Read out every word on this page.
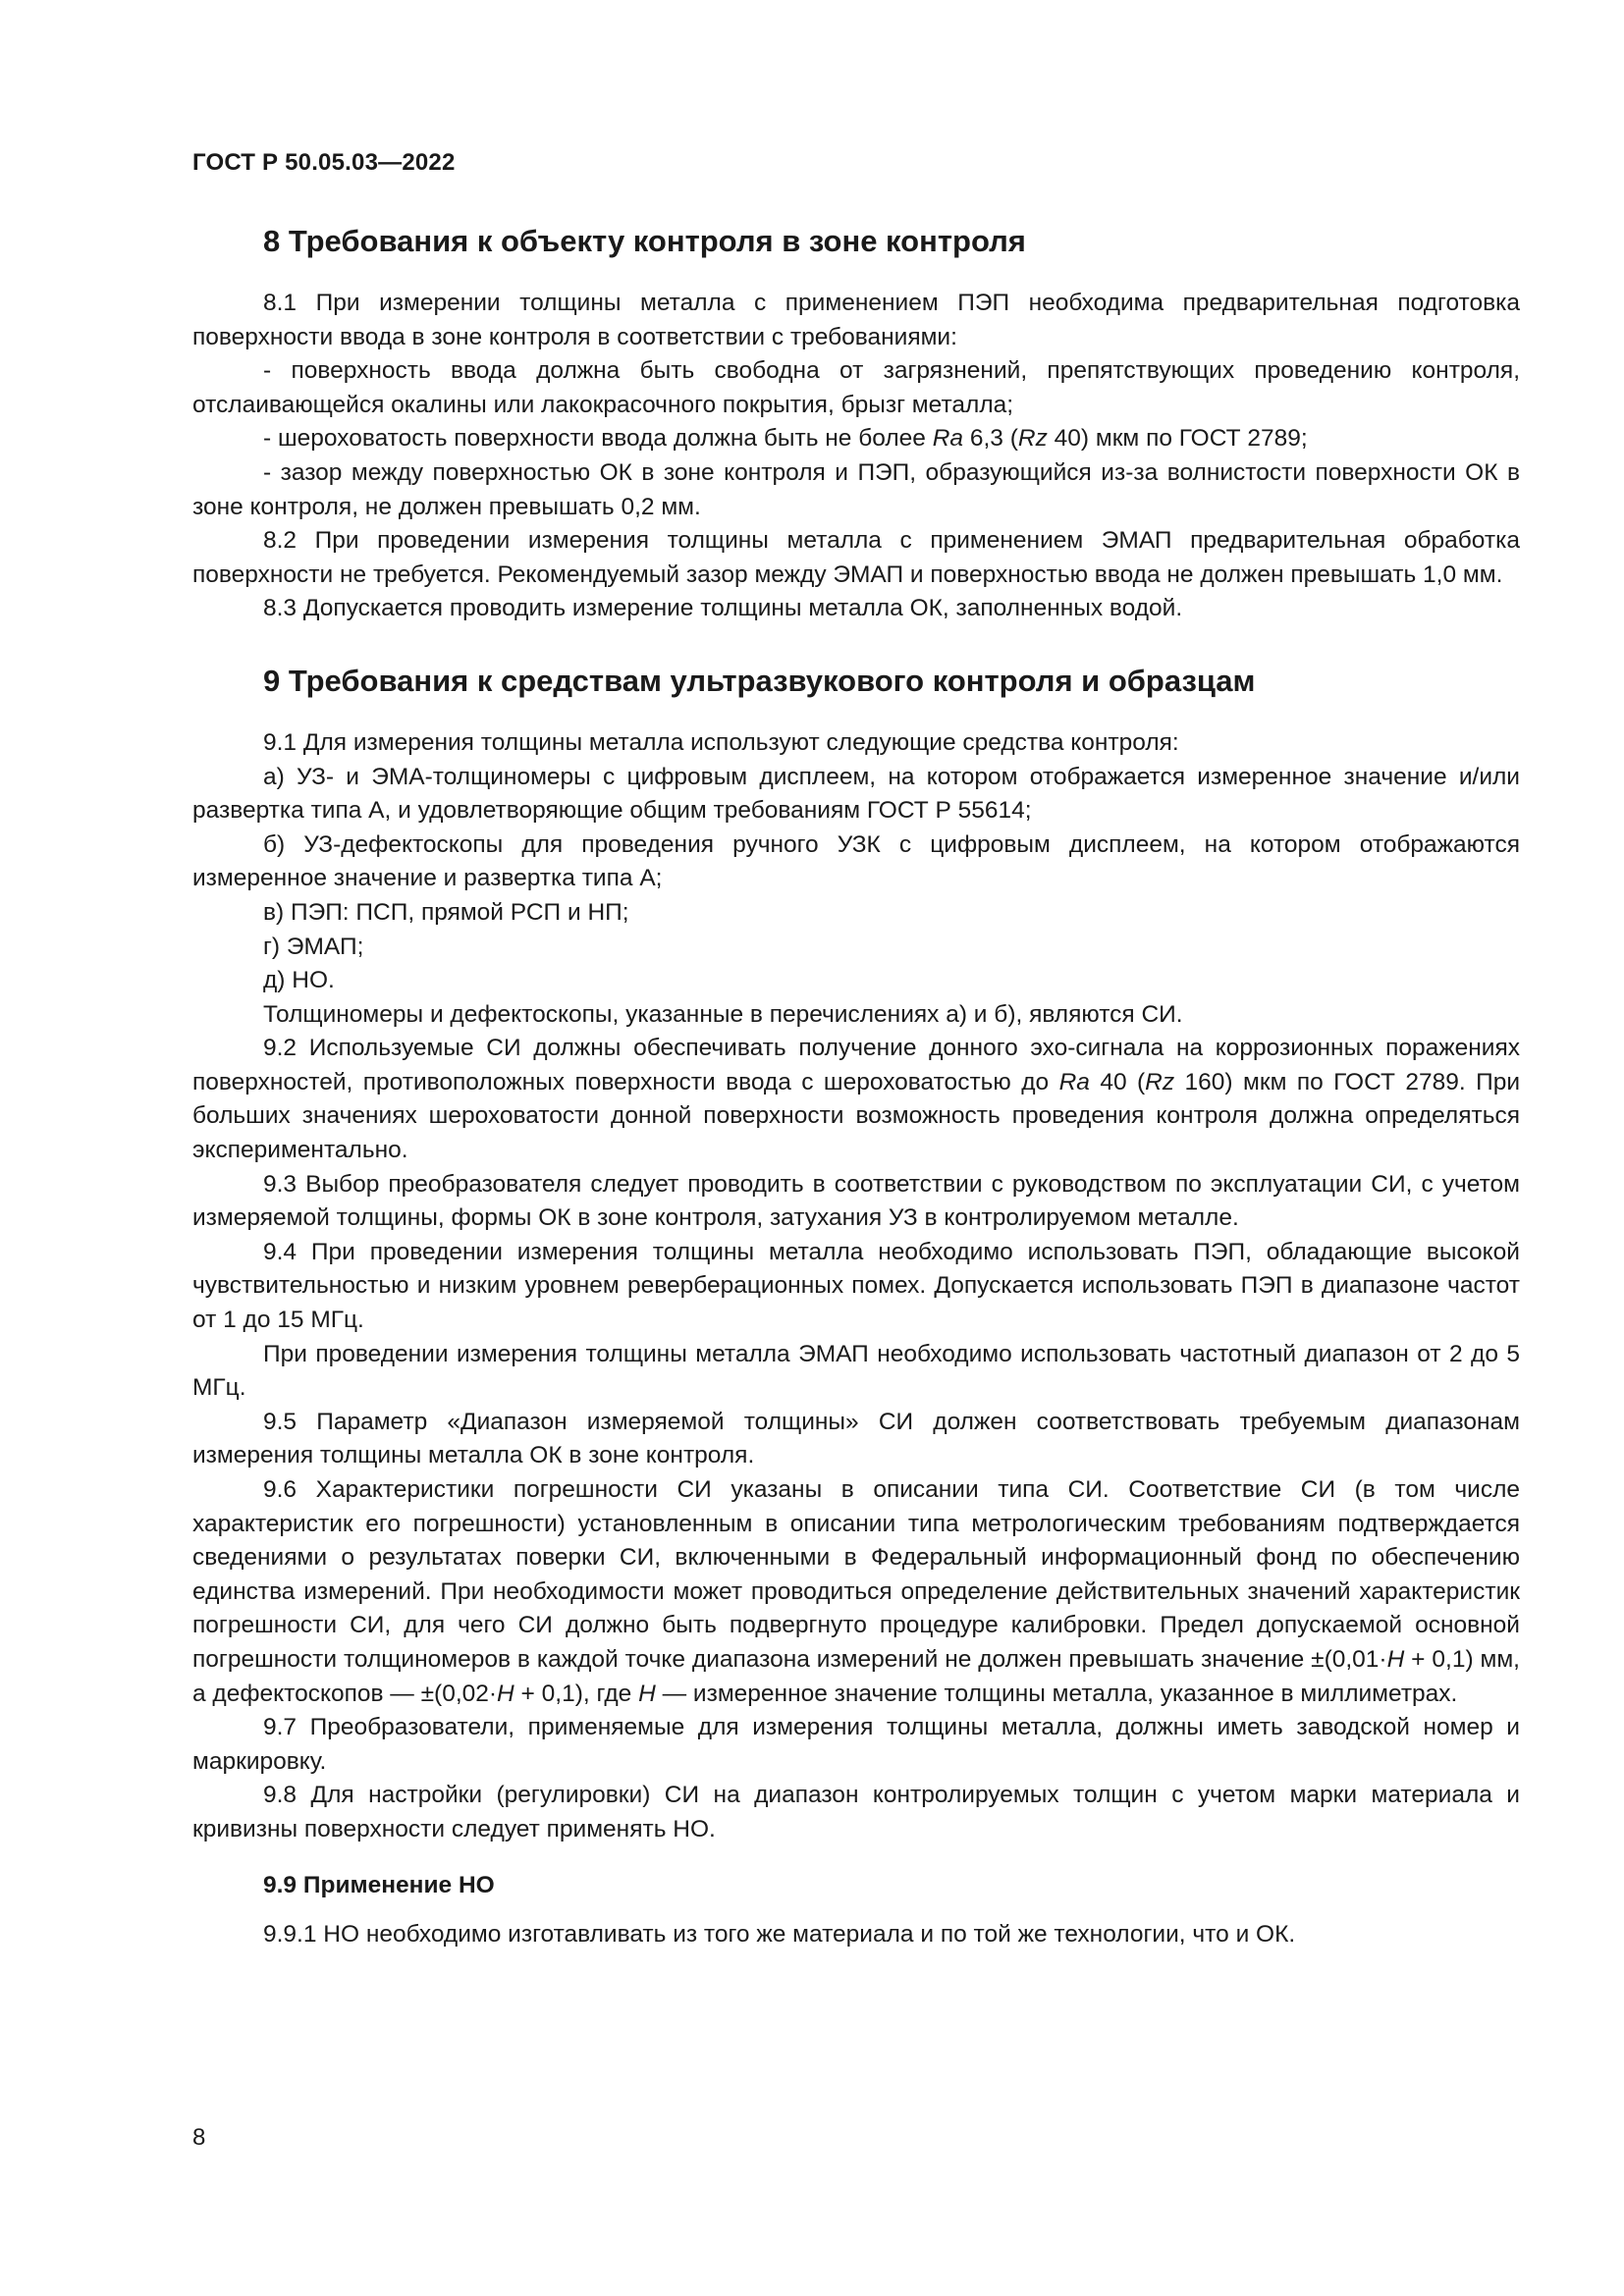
ГОСТ Р 50.05.03—2022
8 Требования к объекту контроля в зоне контроля

8.1 При измерении толщины металла с применением ПЭП необходима предварительная подготовка поверхности ввода в зоне контроля в соответствии с требованиями:

- поверхность ввода должна быть свободна от загрязнений, препятствующих проведению контроля, отслаивающейся окалины или лакокрасочного покрытия, брызг металла;

- шероховатость поверхности ввода должна быть не более Ra 6,3 (Rz 40) мкм по ГОСТ 2789;

- зазор между поверхностью ОК в зоне контроля и ПЭП, образующийся из-за волнистости поверхности ОК в зоне контроля, не должен превышать 0,2 мм.

8.2 При проведении измерения толщины металла с применением ЭМАП предварительная обработка поверхности не требуется. Рекомендуемый зазор между ЭМАП и поверхностью ввода не должен превышать 1,0 мм.

8.3 Допускается проводить измерение толщины металла ОК, заполненных водой.

9 Требования к средствам ультразвукового контроля и образцам

9.1 Для измерения толщины металла используют следующие средства контроля:

а) УЗ- и ЭМА-толщиномеры с цифровым дисплеем, на котором отображается измеренное значение и/или развертка типа А, и удовлетворяющие общим требованиям ГОСТ Р 55614;

б) УЗ-дефектоскопы для проведения ручного УЗК с цифровым дисплеем, на котором отображаются измеренное значение и развертка типа А;

в) ПЭП: ПСП, прямой РСП и НП;

г) ЭМАП;

д) НО.

Толщиномеры и дефектоскопы, указанные в перечислениях а) и б), являются СИ.

9.2 Используемые СИ должны обеспечивать получение донного эхо-сигнала на коррозионных поражениях поверхностей, противоположных поверхности ввода с шероховатостью до Ra 40 (Rz 160) мкм по ГОСТ 2789. При больших значениях шероховатости донной поверхности возможность проведения контроля должна определяться экспериментально.

9.3 Выбор преобразователя следует проводить в соответствии с руководством по эксплуатации СИ, с учетом измеряемой толщины, формы ОК в зоне контроля, затухания УЗ в контролируемом металле.

9.4 При проведении измерения толщины металла необходимо использовать ПЭП, обладающие высокой чувствительностью и низким уровнем реверберационных помех. Допускается использовать ПЭП в диапазоне частот от 1 до 15 МГц.

При проведении измерения толщины металла ЭМАП необходимо использовать частотный диапазон от 2 до 5 МГц.

9.5 Параметр «Диапазон измеряемой толщины» СИ должен соответствовать требуемым диапазонам измерения толщины металла ОК в зоне контроля.

9.6 Характеристики погрешности СИ указаны в описании типа СИ. Соответствие СИ (в том числе характеристик его погрешности) установленным в описании типа метрологическим требованиям подтверждается сведениями о результатах поверки СИ, включенными в Федеральный информационный фонд по обеспечению единства измерений. При необходимости может проводиться определение действительных значений характеристик погрешности СИ, для чего СИ должно быть подвергнуто процедуре калибровки. Предел допускаемой основной погрешности толщиномеров в каждой точке диапазона измерений не должен превышать значение ±(0,01·H + 0,1) мм, а дефектоскопов — ±(0,02·H + 0,1), где H — измеренное значение толщины металла, указанное в миллиметрах.

9.7 Преобразователи, применяемые для измерения толщины металла, должны иметь заводской номер и маркировку.

9.8 Для настройки (регулировки) СИ на диапазон контролируемых толщин с учетом марки материала и кривизны поверхности следует применять НО.

9.9 Применение НО

9.9.1 НО необходимо изготавливать из того же материала и по той же технологии, что и ОК.

8
